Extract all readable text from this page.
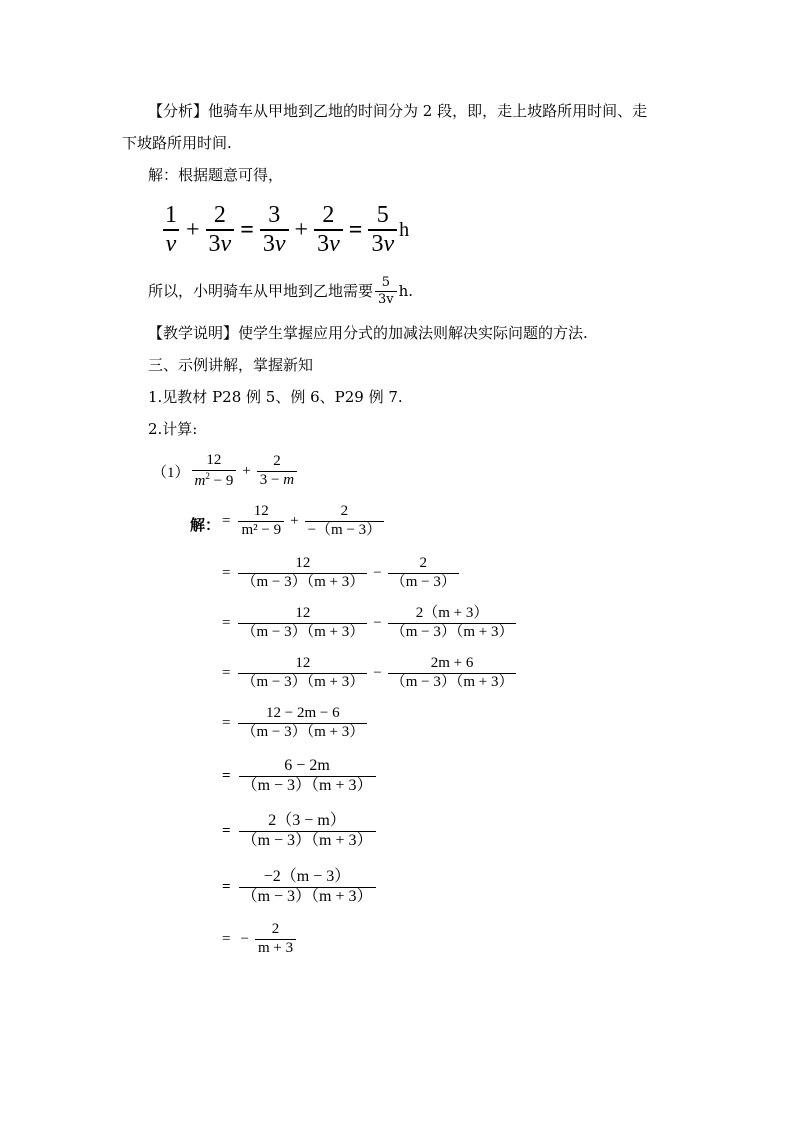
【分析】他骑车从甲地到乙地的时间分为 2 段，即，走上坡路所用时间、走
下坡路所用时间.
解：根据题意可得，
$\frac{1}{v} + \frac{2}{3v} = \frac{3}{3v} + \frac{2}{3v} = \frac{5}{3v}$ h
所以，小明骑车从甲地到乙地需要 $\frac{5}{3v} h$.
【教学说明】使学生掌握应用分式的加减法则解决实际问题的方法.
三、示例讲解，掌握新知
1.见教材 P28 例 5、例 6、P29 例 7.
2.计算:
$(1) \frac{12}{m^2 - 9} + \frac{2}{3 - m}$
解： = $\frac{12}{\text{m² − 9}} + \frac{2}{-(m - 3)}$
= $\frac{12}{(m - 3)(m + 3)} - \frac{2}{(m - 3)}$
= $\frac{12}{(m - 3)(m + 3)} - \frac{2(m + 3)}{(m - 3)(m + 3)}$
= $\frac{12}{(m - 3)(m + 3)} - \frac{2m + 6}{(m - 3)(m + 3)}$
= $\frac{12 - 2m - 6}{(m - 3)(m + 3)}$
= $\frac{6 - 2m}{(m - 3)(m + 3)}$
= $\frac{2(3 - m)}{(m - 3)(m + 3)}$
= $\frac{-2(m - 3)}{(m - 3)(m + 3)}$
= − $\frac{2}{m + 3}$
